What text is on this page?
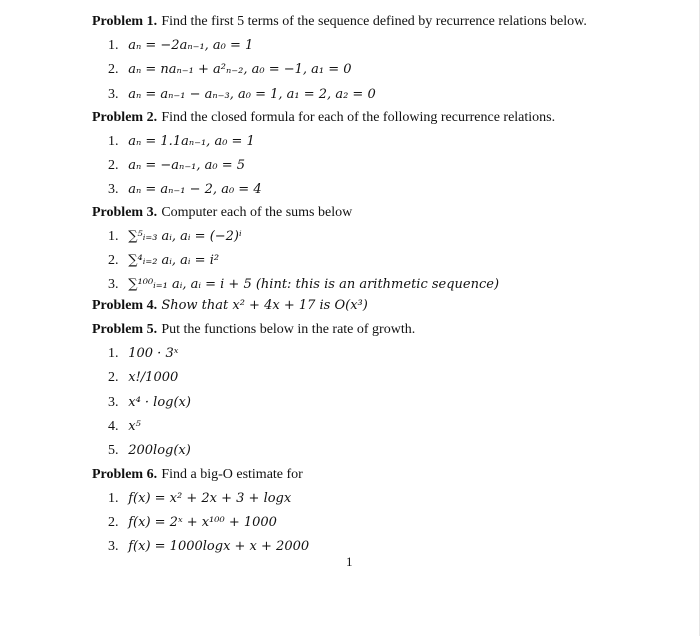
Problem 1. Find the first 5 terms of the sequence defined by recurrence relations below.
1. aₙ = −2aₙ₋₁, a₀ = 1
2. aₙ = naₙ₋₁ + a²ₙ₋₂, a₀ = −1, a₁ = 0
3. aₙ = aₙ₋₁ − aₙ₋₃, a₀ = 1, a₁ = 2, a₂ = 0
Problem 2. Find the closed formula for each of the following recurrence relations.
1. aₙ = 1.1aₙ₋₁, a₀ = 1
2. aₙ = −aₙ₋₁, a₀ = 5
3. aₙ = aₙ₋₁ − 2, a₀ = 4
Problem 3. Computer each of the sums below
1. ∑⁵ᵢ₌₃ aᵢ, aᵢ = (−2)ⁱ
2. ∑⁴ᵢ₌₂ aᵢ, aᵢ = i²
3. ∑¹⁰⁰ᵢ₌₁ aᵢ, aᵢ = i + 5 (hint: this is an arithmetic sequence)
Problem 4. Show that x² + 4x + 17 is O(x³)
Problem 5. Put the functions below in the rate of growth.
1. 100 · 3ˣ
2. x!/1000
3. x⁴ · log(x)
4. x⁵
5. 200log(x)
Problem 6. Find a big-O estimate for
1. f(x) = x² + 2x + 3 + logx
2. f(x) = 2ˣ + x¹⁰⁰ + 1000
3. f(x) = 1000logx + x + 2000
1
